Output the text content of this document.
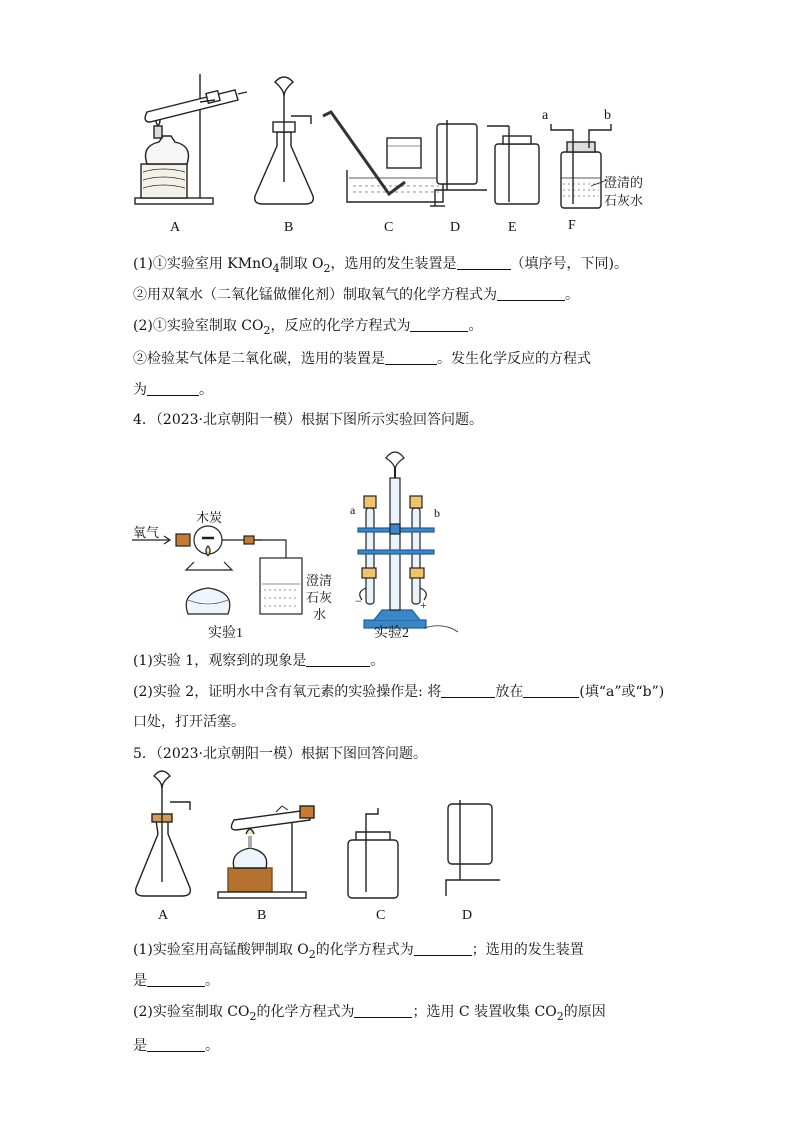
A	B	C	D	E	F
a	b
澄清的
石灰水
(1)①实验室用 KMnO$_4$制取 $O_2$，选用的发生装置是	（填序号，下同)。
②用双氧水（二氧化锰做催化剂）制取氧气的化学方程式为	。
(2)①实验室制取 $CO_2$，反应的化学方程式为	。
②检验某气体是二氧化碳，选用的装置是	。发生化学反应的方程式
为	。
4．（2023·北京朝阳一模）根据下图所示实验回答问题。
氧气
木炭
澄清
石灰
水
实验1	实验2
a	b
−	+
(1)实验 1，观察到的现象是	。
(2)实验 2，证明水中含有氧元素的实验操作是: 将	放在	(填“a”或“b”)
口处，打开活塞。
5．（2023·北京朝阳一模）根据下图回答问题。
A	B	C	D
(1)实验室用高锰酸钾制取 $O_2$的化学方程式为	；选用的发生装置
是	。
(2)实验室制取 $CO_2$的化学方程式为	；选用 C 装置收集 $CO_2$的原因
是	。
